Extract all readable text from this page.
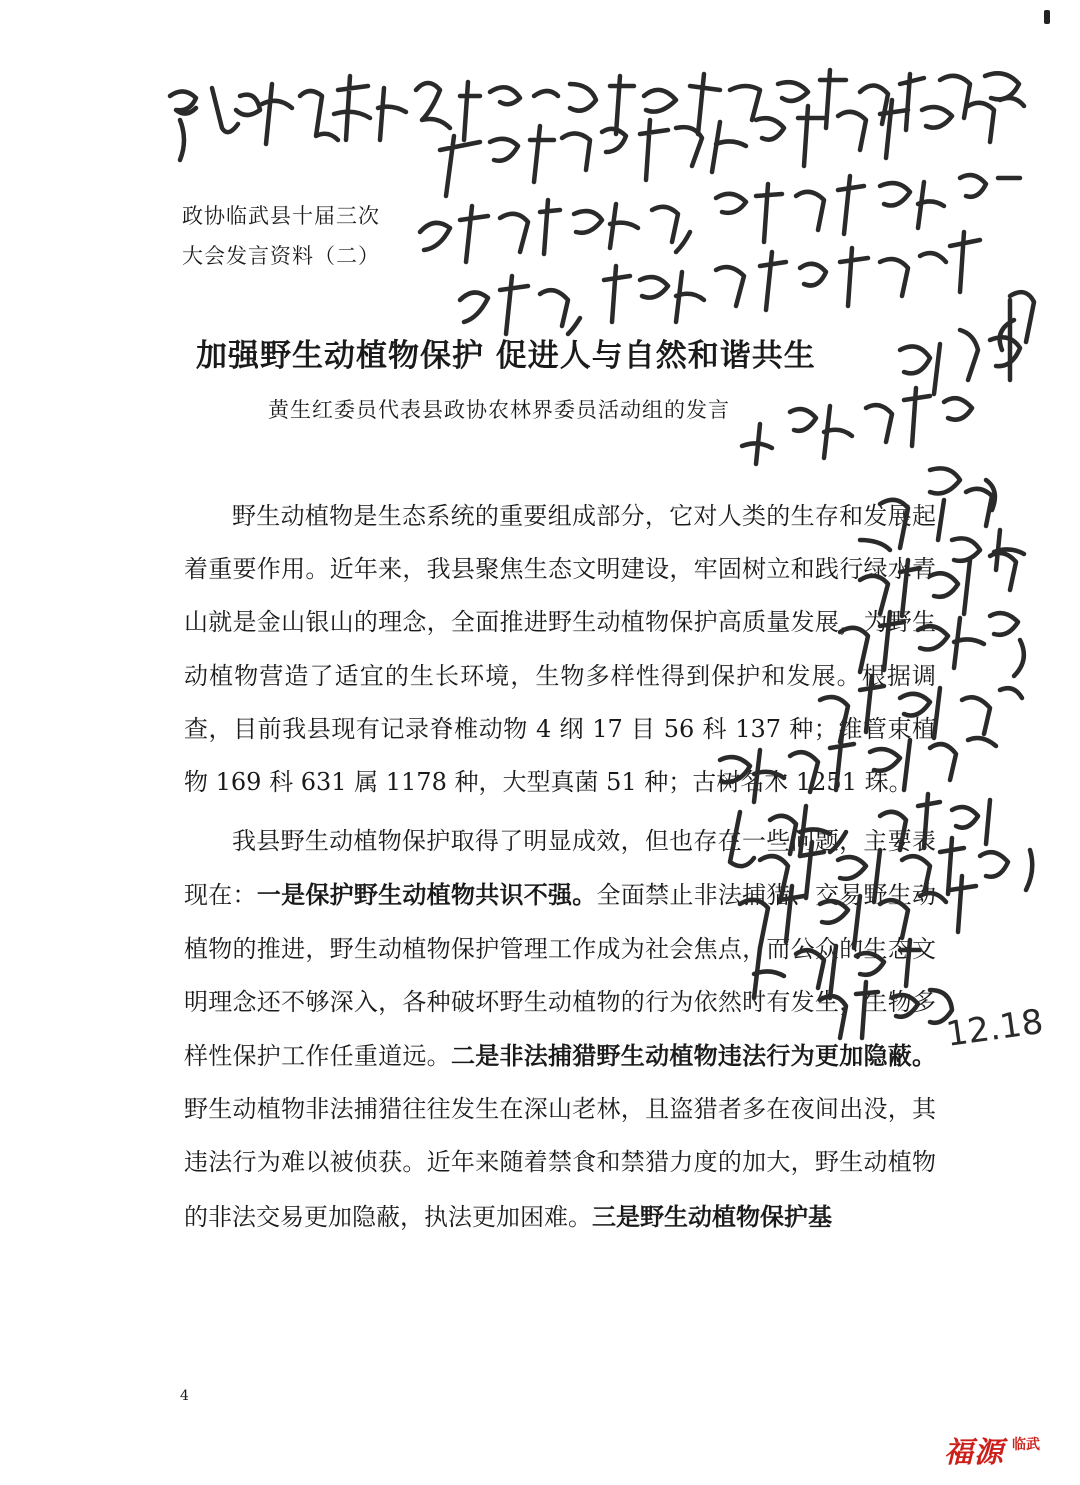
政协临武县十届三次
大会发言资料（二）
加强野生动植物保护 促进人与自然和谐共生
黄生红委员代表县政协农林界委员活动组的发言

野生动植物是生态系统的重要组成部分，它对人类的生存和发展起着重要作用。近年来，我县聚焦生态文明建设，牢固树立和践行绿水青山就是金山银山的理念，全面推进野生动植物保护高质量发展，为野生动植物营造了适宜的生长环境，生物多样性得到保护和发展。根据调查，目前我县现有记录脊椎动物 4 纲 17 目 56 科 137 种；维管束植物 169 科 631 属 1178 种，大型真菌 51 种；古树名木 1251 珠。

我县野生动植物保护取得了明显成效，但也存在一些问题，主要表现在：一是保护野生动植物共识不强。全面禁止非法捕猎、交易野生动植物的推进，野生动植物保护管理工作成为社会焦点，而公众的生态文明理念还不够深入，各种破坏野生动植物的行为依然时有发生，生物多样性保护工作任重道远。二是非法捕猎野生动植物违法行为更加隐蔽。野生动植物非法捕猎往往发生在深山老林，且盗猎者多在夜间出没，其违法行为难以被侦获。近年来随着禁食和禁猎力度的加大，野生动植物的非法交易更加隐蔽，执法更加困难。三是野生动植物保护基

4
12.18
福源 临武
